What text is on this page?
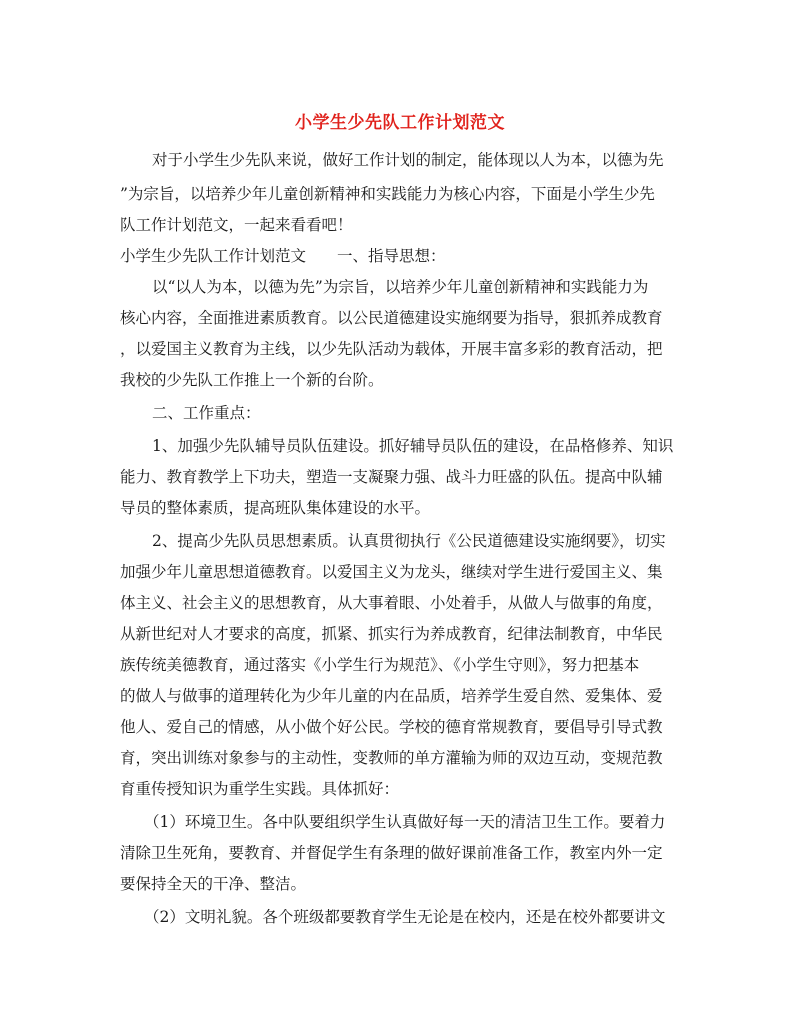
小学生少先队工作计划范文
对于小学生少先队来说，做好工作计划的制定，能体现以人为本，以德为先
”为宗旨，以培养少年儿童创新精神和实践能力为核心内容，下面是小学生少先
队工作计划范文，一起来看看吧！
小学生少先队工作计划范文　　一、指导思想：
以“以人为本，以德为先”为宗旨，以培养少年儿童创新精神和实践能力为
核心内容，全面推进素质教育。以公民道德建设实施纲要为指导，狠抓养成教育
，以爱国主义教育为主线，以少先队活动为载体，开展丰富多彩的教育活动，把
我校的少先队工作推上一个新的台阶。
二、工作重点：
1、加强少先队辅导员队伍建设。抓好辅导员队伍的建设，在品格修养、知识
能力、教育教学上下功夫，塑造一支凝聚力强、战斗力旺盛的队伍。提高中队辅
导员的整体素质，提高班队集体建设的水平。
2、提高少先队员思想素质。认真贯彻执行《公民道德建设实施纲要》，切实
加强少年儿童思想道德教育。以爱国主义为龙头，继续对学生进行爱国主义、集
体主义、社会主义的思想教育，从大事着眼、小处着手，从做人与做事的角度，
从新世纪对人才要求的高度，抓紧、抓实行为养成教育，纪律法制教育，中华民
族传统美德教育，通过落实《小学生行为规范》、《小学生守则》，努力把基本
的做人与做事的道理转化为少年儿童的内在品质，培养学生爱自然、爱集体、爱
他人、爱自己的情感，从小做个好公民。学校的德育常规教育，要倡导引导式教
育，突出训练对象参与的主动性，变教师的单方灌输为师的双边互动，变规范教
育重传授知识为重学生实践。具体抓好：
（1）环境卫生。各中队要组织学生认真做好每一天的清洁卫生工作。要着力
清除卫生死角，要教育、并督促学生有条理的做好课前准备工作，教室内外一定
要保持全天的干净、整洁。
（2）文明礼貌。各个班级都要教育学生无论是在校内，还是在校外都要讲文
